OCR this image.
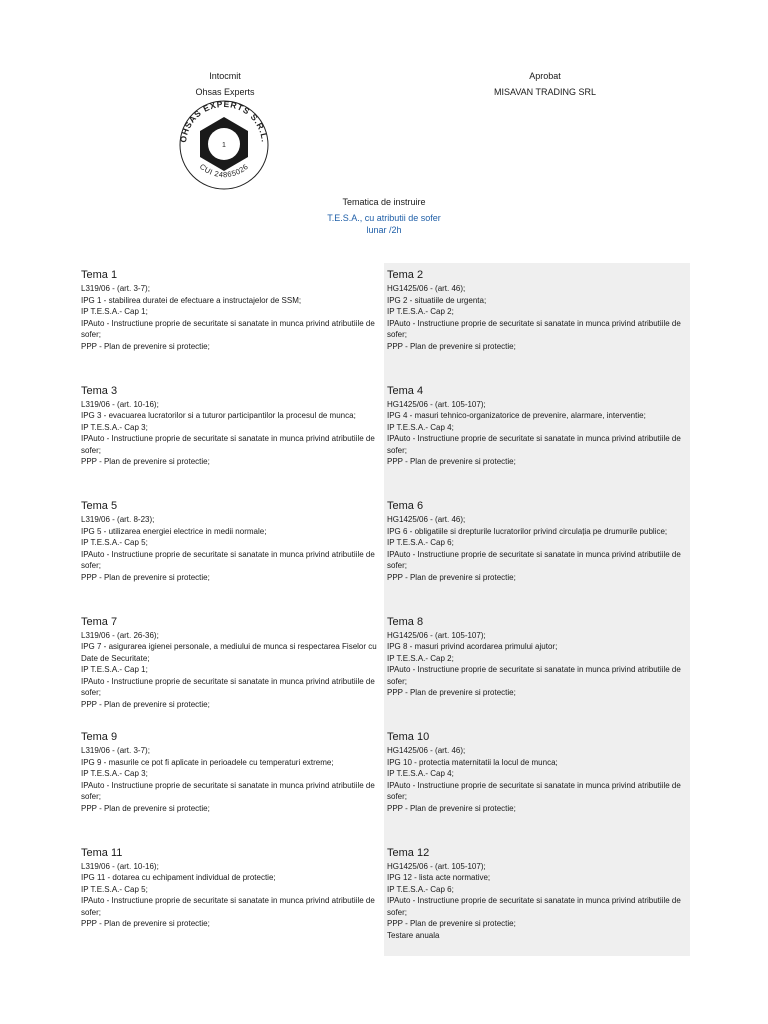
Intocmit
Ohsas Experts
OHSAS EXPERTS S.R.L.
CUI 24865026
1
Aprobat
MISAVAN TRADING SRL
Tematica de instruire
T.E.S.A., cu atributii de sofer
lunar /2h
Tema 1
L319/06 - (art. 3-7);
IPG 1 - stabilirea duratei de efectuare a instructajelor de SSM;
IP T.E.S.A.- Cap 1;
IPAuto - Instructiune proprie de securitate si sanatate in munca privind atributiile de sofer;
PPP - Plan de prevenire si protectie;
Tema 2
HG1425/06 - (art. 46);
IPG 2 - situatiile de urgenta;
IP T.E.S.A.- Cap 2;
IPAuto - Instructiune proprie de securitate si sanatate in munca privind atributiile de sofer;
PPP - Plan de prevenire si protectie;
Tema 3
L319/06 - (art. 10-16);
IPG 3 - evacuarea lucratorilor si a tuturor participantilor la procesul de munca;
IP T.E.S.A.- Cap 3;
IPAuto - Instructiune proprie de securitate si sanatate in munca privind atributiile de sofer;
PPP - Plan de prevenire si protectie;
Tema 4
HG1425/06 - (art. 105-107);
IPG 4 - masuri tehnico-organizatorice de prevenire, alarmare, interventie;
IP T.E.S.A.- Cap 4;
IPAuto - Instructiune proprie de securitate si sanatate in munca privind atributiile de sofer;
PPP - Plan de prevenire si protectie;
Tema 5
L319/06 - (art. 8-23);
IPG 5 - utilizarea energiei electrice in medii normale;
IP T.E.S.A.- Cap 5;
IPAuto - Instructiune proprie de securitate si sanatate in munca privind atributiile de sofer;
PPP - Plan de prevenire si protectie;
Tema 6
HG1425/06 - (art. 46);
IPG 6 - obligatiile si drepturile lucratorilor privind circulația pe drumurile publice;
IP T.E.S.A.- Cap 6;
IPAuto - Instructiune proprie de securitate si sanatate in munca privind atributiile de sofer;
PPP - Plan de prevenire si protectie;
Tema 7
L319/06 - (art. 26-36);
IPG 7 - asigurarea igienei personale, a mediului de munca si respectarea Fiselor cu Date de Securitate;
IP T.E.S.A.- Cap 1;
IPAuto - Instructiune proprie de securitate si sanatate in munca privind atributiile de sofer;
PPP - Plan de prevenire si protectie;
Tema 8
HG1425/06 - (art. 105-107);
IPG 8 - masuri privind acordarea primului ajutor;
IP T.E.S.A.- Cap 2;
IPAuto - Instructiune proprie de securitate si sanatate in munca privind atributiile de sofer;
PPP - Plan de prevenire si protectie;
Tema 9
L319/06 - (art. 3-7);
IPG 9 - masurile ce pot fi aplicate in perioadele cu temperaturi extreme;
IP T.E.S.A.- Cap 3;
IPAuto - Instructiune proprie de securitate si sanatate in munca privind atributiile de sofer;
PPP - Plan de prevenire si protectie;
Tema 10
HG1425/06 - (art. 46);
IPG 10 - protectia maternitatii la locul de munca;
IP T.E.S.A.- Cap 4;
IPAuto - Instructiune proprie de securitate si sanatate in munca privind atributiile de sofer;
PPP - Plan de prevenire si protectie;
Tema 11
L319/06 - (art. 10-16);
IPG 11 - dotarea cu echipament individual de protectie;
IP T.E.S.A.- Cap 5;
IPAuto - Instructiune proprie de securitate si sanatate in munca privind atributiile de sofer;
PPP - Plan de prevenire si protectie;
Tema 12
HG1425/06 - (art. 105-107);
IPG 12 - lista acte normative;
IP T.E.S.A.- Cap 6;
IPAuto - Instructiune proprie de securitate si sanatate in munca privind atributiile de sofer;
PPP - Plan de prevenire si protectie;
Testare anuala
